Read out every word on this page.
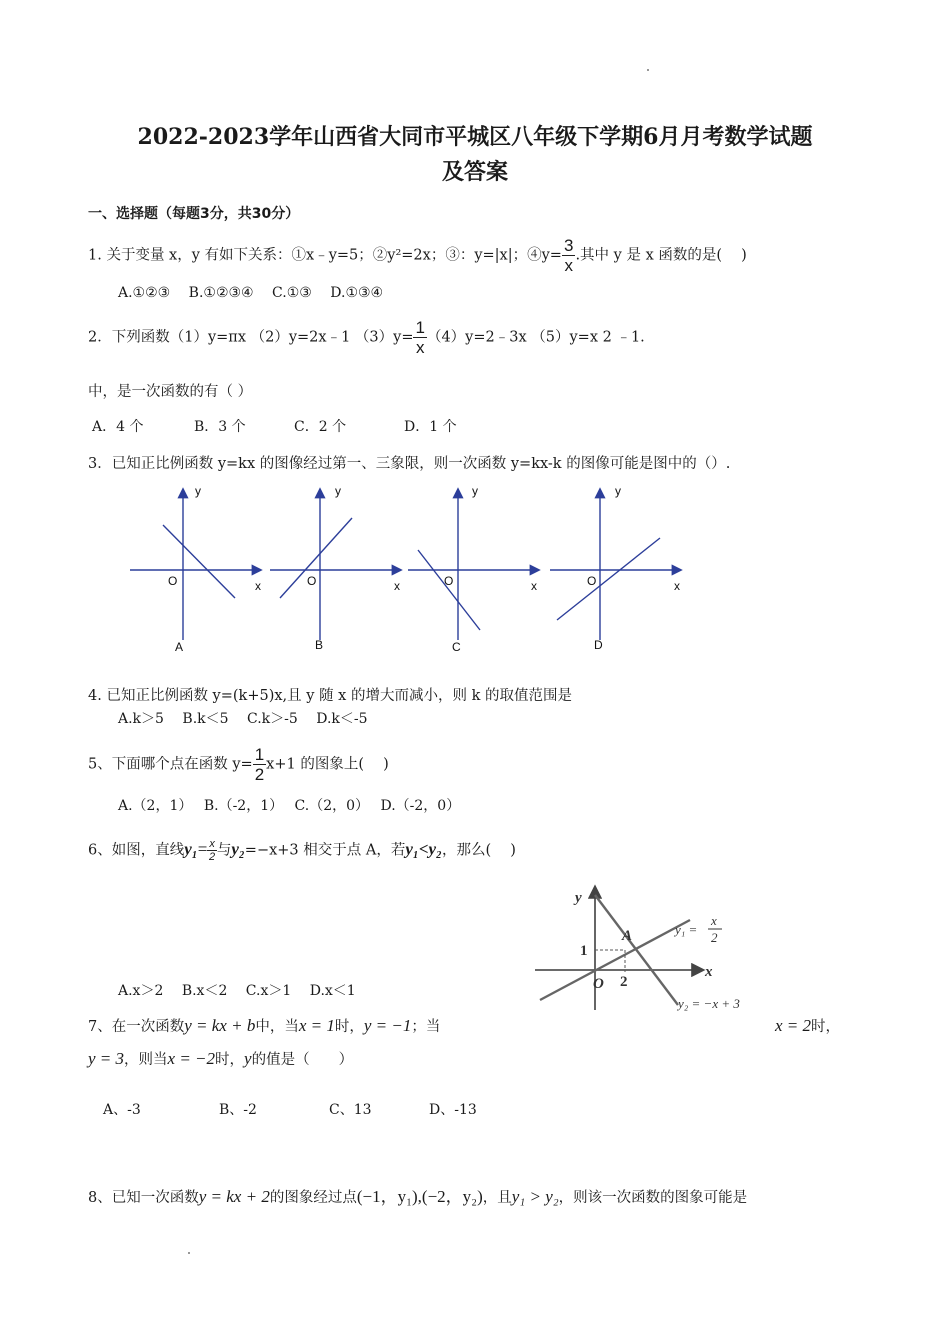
2022-2023学年山西省大同市平城区八年级下学期6月月考数学试题
及答案
一、选择题（每题3分，共30分）
1. 关于变量 x，y 有如下关系：①x﹣y=5；②y²=2x；③：y=|x|；④y= $\frac{3}{x}$ .其中 y 是 x 函数的是(　 )
A.①②③　 B.①②③④　 C.①③　 D.①③④
2．下列函数（1）y=πx （2）y=2x﹣1 $(3)y= \frac{1}{x}$ （4）y=2﹣3x （5）y=x 2 ﹣1.
中，是一次函数的有（ ）
A．4 个	B．3 个	C．2 个	D．1 个
3．已知正比例函数 y=kx 的图像经过第一、三象限，则一次函数 y=kx-k 的图像可能是图中的（）.
y
O	x
A
y
O	x
B
y
O	x
C
y
O	x
D
4. 已知正比例函数 y=(k+5)x,且 y 随 x 的增大而减小，则 k 的取值范围是
A.k＞5　 B.k＜5　 C.k＞-5　 D.k＜-5
5、下面哪个点在函数 $y= \frac{1}{2} x+1$ 的图象上(　 )
A.（2，1）　 B.（-2，1）　 C.（2，0）　 D.（-2，0）
6、如图，直线$y_1= \frac{x}{2}$ 与y₂=−x+3 相交于点 A，若y₁<y₂，那么(　 )
y
x
O
A
1
2
y₁ =
x
2
y₂ = −x + 3
A.x＞2　 B.x＜2　 C.x＞1　 D.x＜1
7、在一次函数y = kx + b中，当x = 1时，y = −1；当	x = 2时，
y = 3，则当x = −2时，y的值是（　　）
A、-3	B、-2	C、13	D、-13
8、已知一次函数y = kx + 2的图象经过点(−1，y₁),(−2，y₂)，且y₁ > y₂，则该一次函数的图象可能是
